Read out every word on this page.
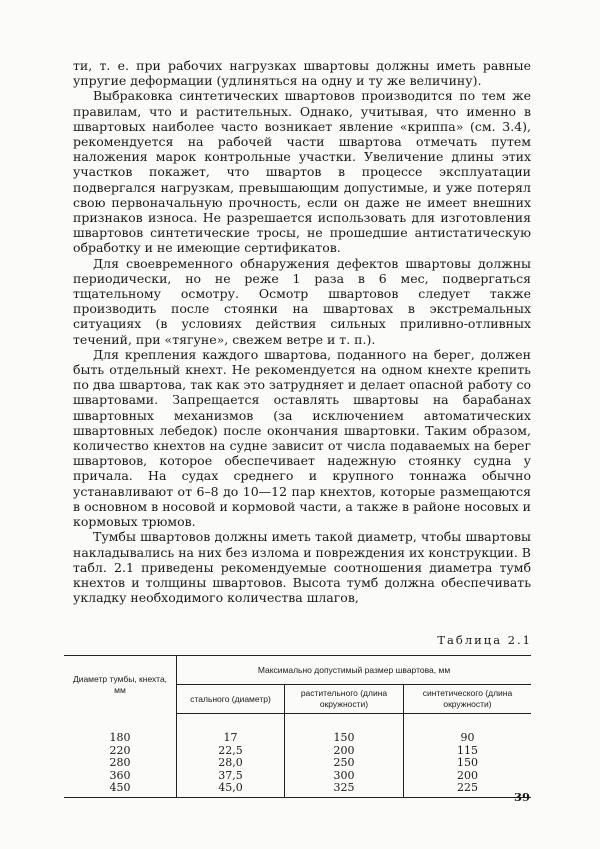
ти, т. е. при рабочих нагрузках швартовы должны иметь равные упругие деформации (удлиняться на одну и ту же величину).

Выбраковка синтетических швартовов производится по тем же правилам, что и растительных. Однако, учитывая, что именно в швартовых наиболее часто возникает явление «криппа» (см. 3.4), рекомендуется на рабочей части швартова отмечать путем наложения марок контрольные участки. Увеличение длины этих участков покажет, что швартов в процессе эксплуатации подвергался нагрузкам, превышающим допустимые, и уже потерял свою первоначальную прочность, если он даже не имеет внешних признаков износа. Не разрешается использовать для изготовления швартовов синтетические тросы, не прошедшие антистатическую обработку и не имеющие сертификатов.

Для своевременного обнаружения дефектов швартовы должны периодически, но не реже 1 раза в 6 мес, подвергаться тщательному осмотру. Осмотр швартовов следует также производить после стоянки на швартовах в экстремальных ситуациях (в условиях действия сильных приливно-отливных течений, при «тягуне», свежем ветре и т. п.).

Для крепления каждого швартова, поданного на берег, должен быть отдельный кнехт. Не рекомендуется на одном кнехте крепить по два швартова, так как это затрудняет и делает опасной работу со швартовами. Запрещается оставлять швартовы на барабанах швартовных механизмов (за исключением автоматических швартовных лебедок) после окончания швартовки. Таким образом, количество кнехтов на судне зависит от числа подаваемых на берег швартовов, которое обеспечивает надежную стоянку судна у причала. На судах среднего и крупного тоннажа обычно устанавливают от 6–8 до 10—12 пар кнехтов, которые размещаются в основном в носовой и кормовой части, а также в районе носовых и кормовых трюмов.

Тумбы швартовов должны иметь такой диаметр, чтобы швартовы накладывались на них без излома и повреждения их конструкции. В табл. 2.1 приведены рекомендуемые соотношения диаметра тумб кнехтов и толщины швартовов. Высота тумб должна обеспечивать укладку необходимого количества шлагов,

Таблица 2.1
Диаметр тумбы, кнехта, мм	Максимально допустимый размер швартова, мм		
	стального (диаметр)	растительного (длина окружности)	синтетического (длина окружности)
180	17	150	90
220	22,5	200	115
280	28,0	250	150
360	37,5	300	200
450	45,0	325	225
39
